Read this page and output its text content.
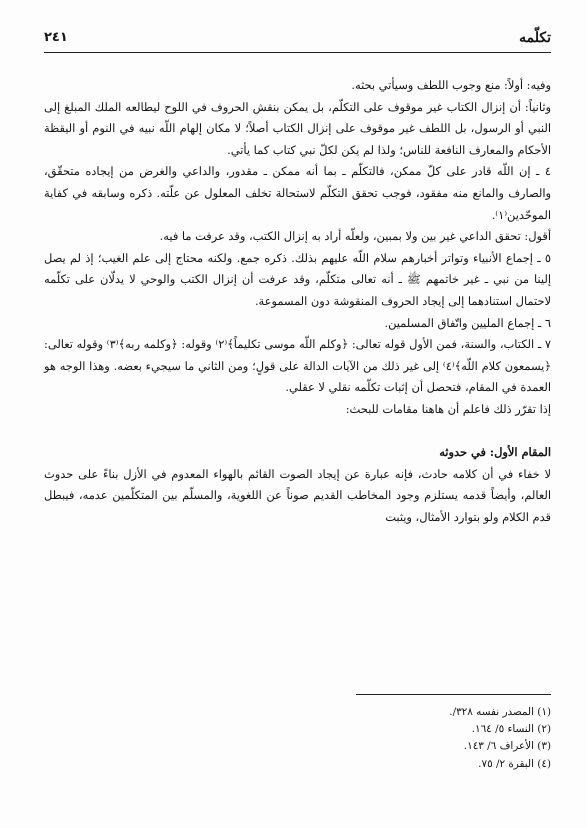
تكلّمه
٢٤١

وفيه: أولاً: منع وجوب اللطف وسيأتي بحثه.

وثانياً: أن إنزال الكتاب غير موقوف على التكلّم، بل يمكن بنقش الحروف في اللوح ليطالعه الملك المبلغ إلى النبي أو الرسول، بل اللطف غير موقوف على إنزال الكتاب أصلاً؛ لا مكان إلهام اللّه نبيه في النوم أو اليقظة الأحكام والمعارف النافعة للناس؛ ولذا لم يكن لكلّ نبي كتاب كما يأتي.

٤ ـ إن اللّه قادر على كلّ ممكن، فالتكلّم ـ بما أنه ممكن ـ مقدور، والداعي والغرض من إيجاده متحقّق، والصارف والمانع منه مفقود، فوجب تحقق التكلّم لاستحالة تخلف المعلول عن علّته. ذكره وسابقه في كفاية الموحّدين⁽١⁾.

أقول: تحقق الداعي غير بين ولا بمبين، ولعلّه أراد به إنزال الكتب، وقد عرفت ما فيه.

٥ ـ إجماع الأنبياء وتواتر أخبارهم سلام اللّه عليهم بذلك. ذكره جمع. ولكنه محتاج إلى علم الغيب؛ إذ لم يصل إلينا من نبي ـ غير خاتمهم ﷺ ـ أنه تعالى متكلّم، وقد عرفت أن إنزال الكتب والوحي لا يدلّان على تكلّمه لاحتمال استنادهما إلى إيجاد الحروف المنقوشة دون المسموعة.

٦ ـ إجماع المليين واتّفاق المسلمين.

٧ ـ الكتاب، والسنة، فمن الأول قوله تعالى: ﴿وكلم اللّه موسى تكليماً﴾⁽٢⁾ وقوله: ﴿وكلمه ربه﴾⁽٣⁾ وقوله تعالى: ﴿يسمعون كلام اللّه﴾⁽٤⁾ إلى غير ذلك من الآيات الدالة على قولٍ؛ ومن الثاني ما سيجيء بعضه. وهذا الوجه هو العمدة في المقام، فتحصل أن إثبات تكلّمه نقلي لا عقلي.

إذا تقرّر ذلك فاعلم أن هاهنا مقامات للبحث:

المقام الأول: في حدوثه

لا خفاء في أن كلامه حادث، فإنه عبارة عن إيجاد الصوت القائم بالهواء المعدوم في الأزل بناءً على حدوث العالم، وأيضاً قدمه يستلزم وجود المخاطب القديم صوناً عن اللغوية، والمسلّم بين المتكلّمين عدمه، فيبطل قدم الكلام ولو بتوارد الأمثال، ويثبت

(١) المصدر نفسه ٣٢٨/.
(٢) النساء ٥/ ١٦٤.
(٣) الأعراف ٦/ ١٤٣.
(٤) البقرة ٢/ ٧٥.
